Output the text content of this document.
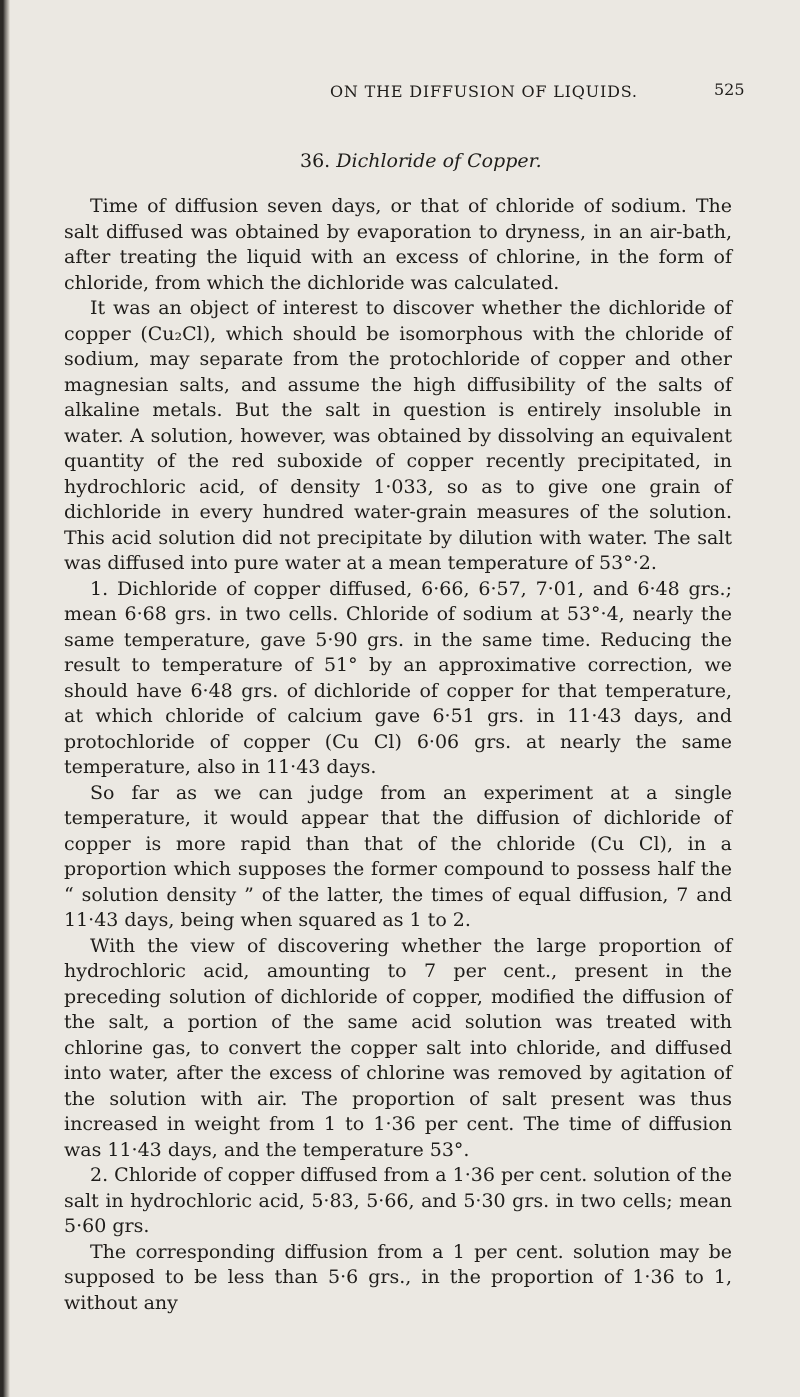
ON THE DIFFUSION OF LIQUIDS.	525
36. Dichloride of Copper.

Time of diffusion seven days, or that of chloride of sodium. The salt diffused was obtained by evaporation to dryness, in an air-bath, after treating the liquid with an excess of chlorine, in the form of chloride, from which the dichloride was calculated.

It was an object of interest to discover whether the dichloride of copper (Cu₂Cl), which should be isomorphous with the chloride of sodium, may separate from the protochloride of copper and other magnesian salts, and assume the high diffusibility of the salts of alkaline metals. But the salt in question is entirely insoluble in water. A solution, however, was obtained by dissolving an equivalent quantity of the red suboxide of copper recently precipitated, in hydrochloric acid, of density 1·033, so as to give one grain of dichloride in every hundred water-grain measures of the solution. This acid solution did not precipitate by dilution with water. The salt was diffused into pure water at a mean temperature of 53°·2.

1. Dichloride of copper diffused, 6·66, 6·57, 7·01, and 6·48 grs.; mean 6·68 grs. in two cells. Chloride of sodium at 53°·4, nearly the same temperature, gave 5·90 grs. in the same time. Reducing the result to temperature of 51° by an approximative correction, we should have 6·48 grs. of dichloride of copper for that temperature, at which chloride of calcium gave 6·51 grs. in 11·43 days, and protochloride of copper (Cu Cl) 6·06 grs. at nearly the same temperature, also in 11·43 days.

So far as we can judge from an experiment at a single temperature, it would appear that the diffusion of dichloride of copper is more rapid than that of the chloride (Cu Cl), in a proportion which supposes the former compound to possess half the “ solution density ” of the latter, the times of equal diffusion, 7 and 11·43 days, being when squared as 1 to 2.

With the view of discovering whether the large proportion of hydrochloric acid, amounting to 7 per cent., present in the preceding solution of dichloride of copper, modified the diffusion of the salt, a portion of the same acid solution was treated with chlorine gas, to convert the copper salt into chloride, and diffused into water, after the excess of chlorine was removed by agitation of the solution with air. The proportion of salt present was thus increased in weight from 1 to 1·36 per cent. The time of diffusion was 11·43 days, and the temperature 53°.

2. Chloride of copper diffused from a 1·36 per cent. solution of the salt in hydrochloric acid, 5·83, 5·66, and 5·30 grs. in two cells; mean 5·60 grs.

The corresponding diffusion from a 1 per cent. solution may be supposed to be less than 5·6 grs., in the proportion of 1·36 to 1, without any
